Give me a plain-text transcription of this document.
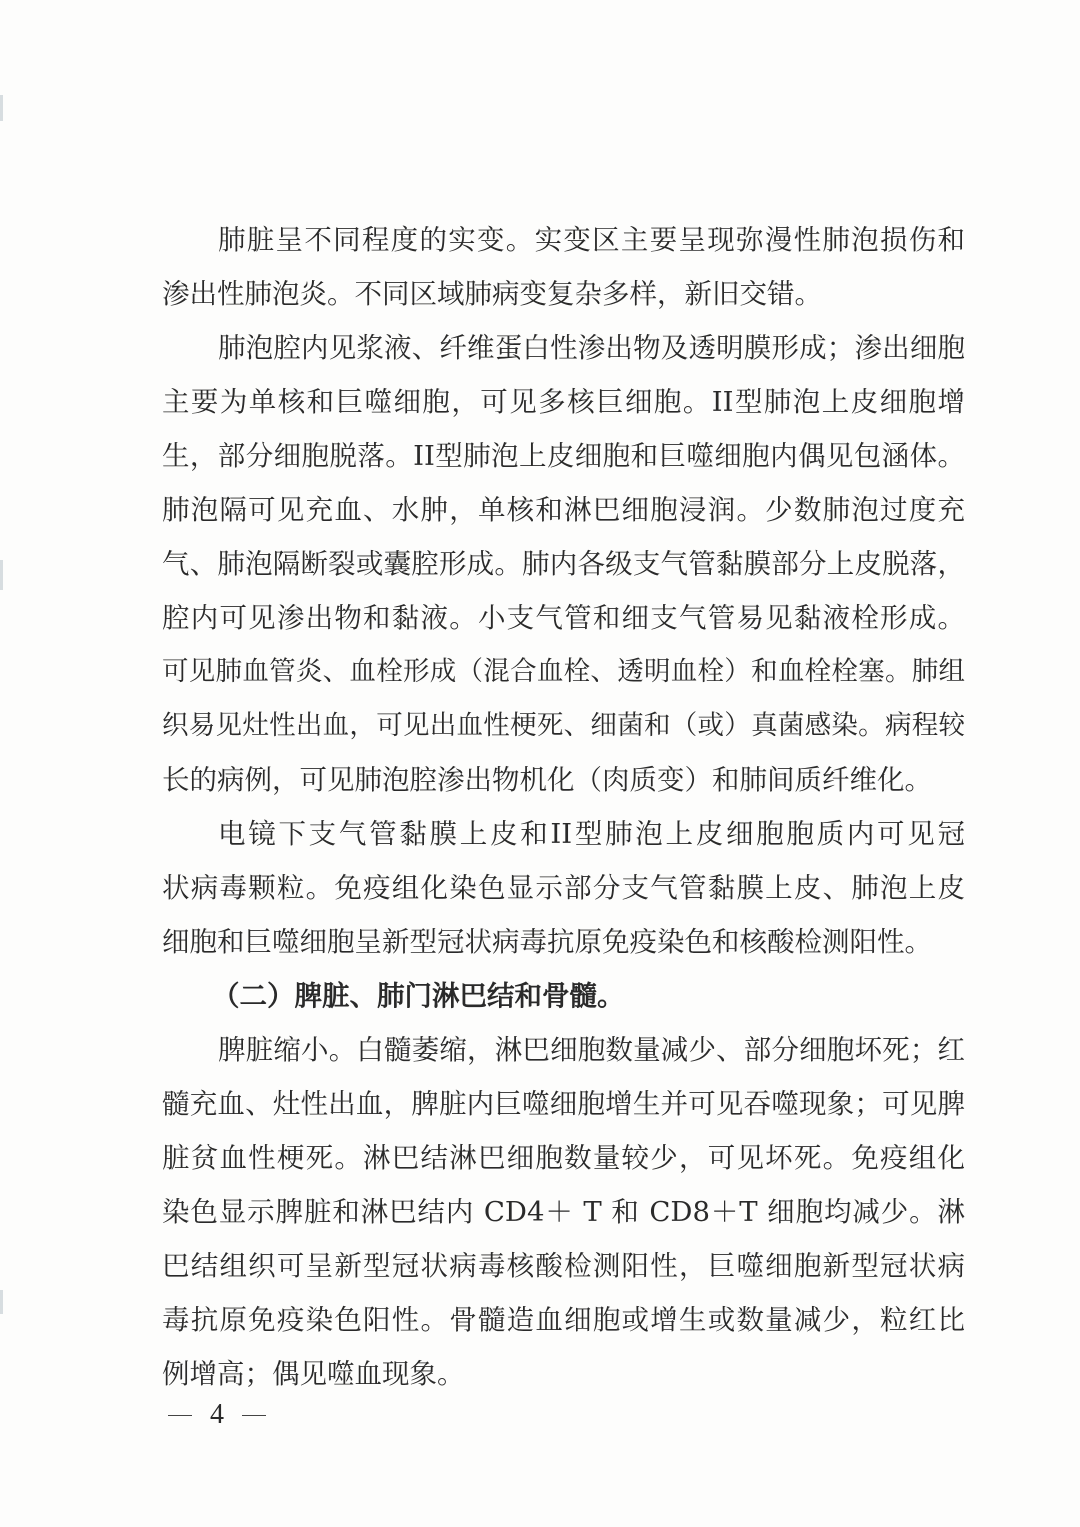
肺脏呈不同程度的实变。实变区主要呈现弥漫性肺泡损伤和

渗出性肺泡炎。不同区域肺病变复杂多样，新旧交错。

肺泡腔内见浆液、纤维蛋白性渗出物及透明膜形成；渗出细胞

主要为单核和巨噬细胞，可见多核巨细胞。II型肺泡上皮细胞增

生，部分细胞脱落。II型肺泡上皮细胞和巨噬细胞内偶见包涵体。

肺泡隔可见充血、水肿，单核和淋巴细胞浸润。少数肺泡过度充

气、肺泡隔断裂或囊腔形成。肺内各级支气管黏膜部分上皮脱落，

腔内可见渗出物和黏液。小支气管和细支气管易见黏液栓形成。

可见肺血管炎、血栓形成（混合血栓、透明血栓）和血栓栓塞。肺组

织易见灶性出血，可见出血性梗死、细菌和（或）真菌感染。病程较

长的病例，可见肺泡腔渗出物机化（肉质变）和肺间质纤维化。

电镜下支气管黏膜上皮和II型肺泡上皮细胞胞质内可见冠

状病毒颗粒。免疫组化染色显示部分支气管黏膜上皮、肺泡上皮

细胞和巨噬细胞呈新型冠状病毒抗原免疫染色和核酸检测阳性。

（二）脾脏、肺门淋巴结和骨髓。

脾脏缩小。白髓萎缩，淋巴细胞数量减少、部分细胞坏死；红

髓充血、灶性出血，脾脏内巨噬细胞增生并可见吞噬现象；可见脾

脏贫血性梗死。淋巴结淋巴细胞数量较少，可见坏死。免疫组化

染色显示脾脏和淋巴结内 CD4＋ T 和 CD8＋T 细胞均减少。淋

巴结组织可呈新型冠状病毒核酸检测阳性，巨噬细胞新型冠状病

毒抗原免疫染色阳性。骨髓造血细胞或增生或数量减少，粒红比

例增高；偶见噬血现象。

4
